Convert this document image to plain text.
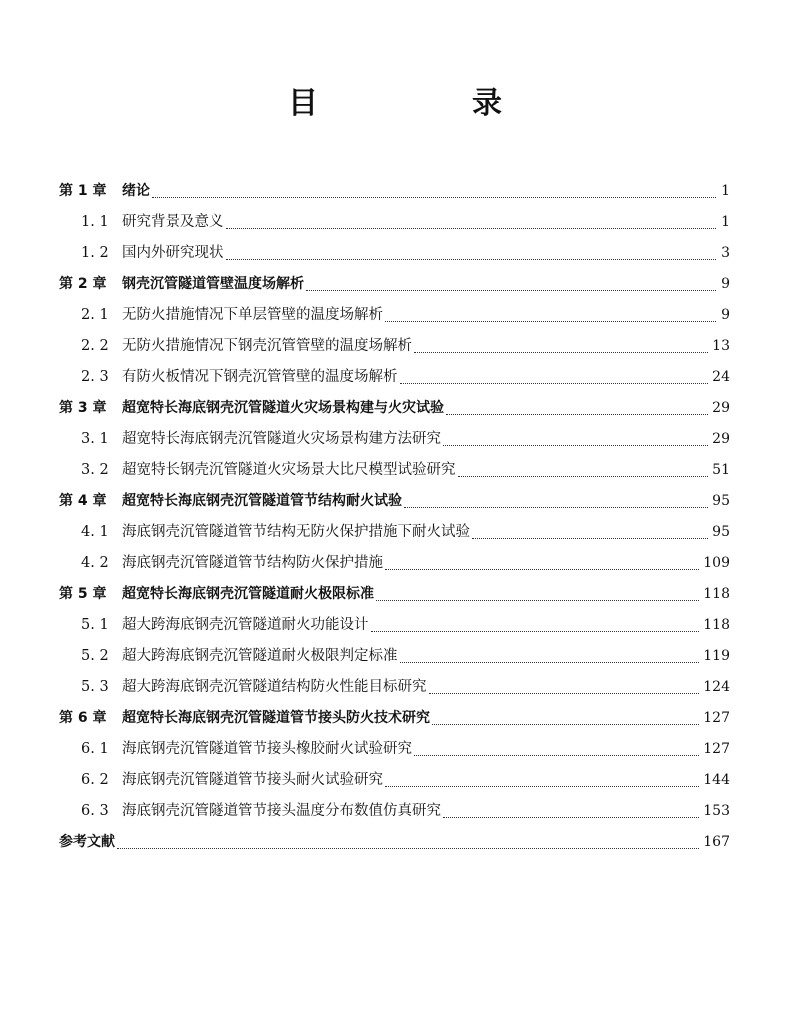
目　录
第 1 章	绪论	1
1. 1 研究背景及意义	1
1. 2 国内外研究现状	3
第 2 章	钢壳沉管隧道管壁温度场解析	9
2. 1 无防火措施情况下单层管壁的温度场解析	9
2. 2 无防火措施情况下钢壳沉管管壁的温度场解析	13
2. 3 有防火板情况下钢壳沉管管壁的温度场解析	24
第 3 章	超宽特长海底钢壳沉管隧道火灾场景构建与火灾试验	29
3. 1 超宽特长海底钢壳沉管隧道火灾场景构建方法研究	29
3. 2 超宽特长钢壳沉管隧道火灾场景大比尺模型试验研究	51
第 4 章	超宽特长海底钢壳沉管隧道管节结构耐火试验	95
4. 1 海底钢壳沉管隧道管节结构无防火保护措施下耐火试验	95
4. 2 海底钢壳沉管隧道管节结构防火保护措施	109
第 5 章	超宽特长海底钢壳沉管隧道耐火极限标准	118
5. 1 超大跨海底钢壳沉管隧道耐火功能设计	118
5. 2 超大跨海底钢壳沉管隧道耐火极限判定标准	119
5. 3 超大跨海底钢壳沉管隧道结构防火性能目标研究	124
第 6 章	超宽特长海底钢壳沉管隧道管节接头防火技术研究	127
6. 1 海底钢壳沉管隧道管节接头橡胶耐火试验研究	127
6. 2 海底钢壳沉管隧道管节接头耐火试验研究	144
6. 3 海底钢壳沉管隧道管节接头温度分布数值仿真研究	153
参考文献	167
